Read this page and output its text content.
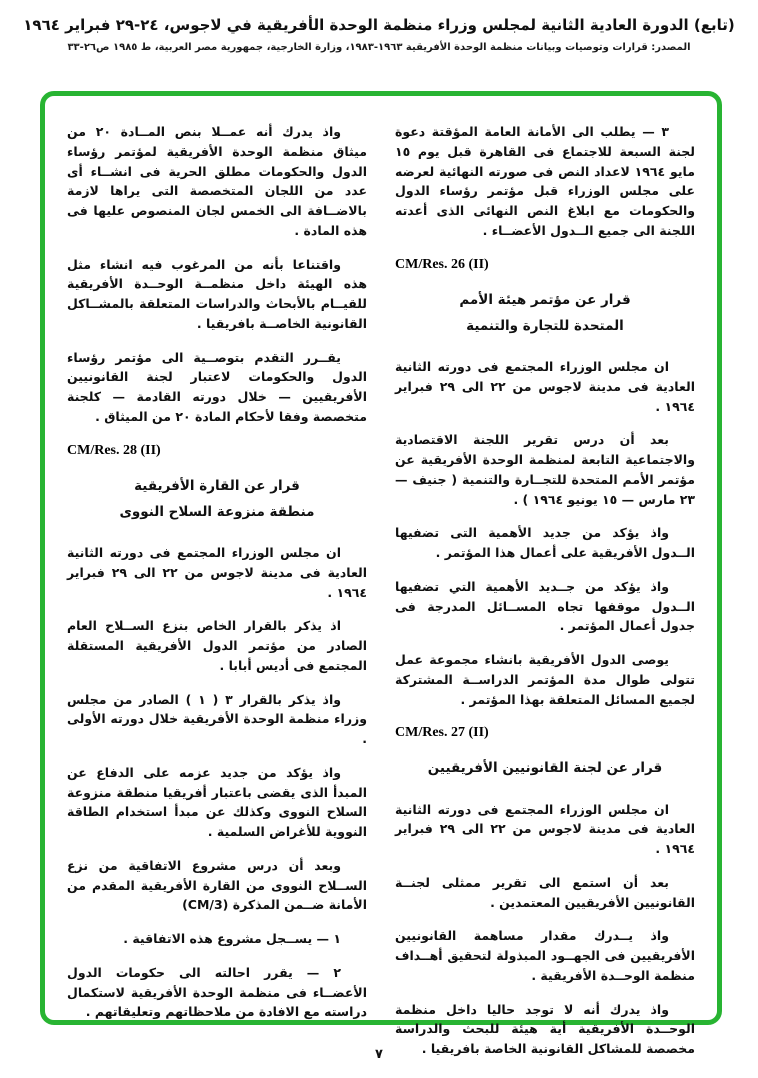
(تابع) الدورة العادية الثانية لمجلس وزراء منظمة الوحدة الأفريقية في لاجوس، ٢٤-٢٩ فبراير ١٩٦٤
المصدر: قرارات وتوصيات وبيانات منظمة الوحدة الأفريقية ١٩٦٣-١٩٨٣، وزارة الخارجية، جمهورية مصر العربية، ط ١٩٨٥ ص٢٦-٣٣

٣ — يطلب الى الأمانة العامة المؤقتة دعوة لجنة السبعة للاجتماع فى القاهرة قبل يوم ١٥ مايو ١٩٦٤ لاعداد النص فى صورته النهائية لعرضه على مجلس الوزراء قبل مؤتمر رؤساء الدول والحكومات مع ابلاغ النص النهائى الذى أعدته اللجنة الى جميع الــدول الأعضــاء .

CM/Res. 26 (II)
قرار عن مؤتمر هيئة الأمم
المتحدة للتجارة والتنمية

ان مجلس الوزراء المجتمع فى دورته الثانية العادية فى مدينة لاجوس من ٢٢ الى ٢٩ فبراير ١٩٦٤ .

بعد أن درس تقرير اللجنة الاقتصادية والاجتماعية التابعة لمنظمة الوحدة الأفريقية عن مؤتمر الأمم المتحدة للتجــارة والتنمية ( جنيف — ٢٣ مارس — ١٥ يونيو ١٩٦٤ ) .

واذ يؤكد من جديد الأهمية التى تضفيها الــدول الأفريقية على أعمال هذا المؤتمر .

واذ يؤكد من جــديد الأهمية التي تضفيها الــدول موقفها تجاه المســائل المدرجة فى جدول أعمال المؤتمر .

يوصى الدول الأفريقية بانشاء مجموعة عمل تتولى طوال مدة المؤتمر الدراســة المشتركة لجميع المسائل المتعلقة بهذا المؤتمر .

CM/Res. 27 (II)
قرار عن لجنة القانونيين الأفريقيين

ان مجلس الوزراء المجتمع فى دورته الثانية العادية فى مدينة لاجوس من ٢٢ الى ٢٩ فبراير ١٩٦٤ .

بعد أن استمع الى تقرير ممثلى لجنــة القانونيين الأفريقيين المعتمدين .

واذ يــدرك مقدار مساهمة القانونيين الأفريقيين فى الجهــود المبذولة لتحقيق أهــداف منظمة الوحــدة الأفريقية .

واذ يدرك أنه لا توجد حاليا داخل منظمة الوحــدة الأفريقية أية هيئة للبحث والدراسة مخصصة للمشاكل القانونية الخاصة بافريقيا .

واذ يدرك أنه عمــلا بنص المــادة ٢٠ من ميثاق منظمة الوحدة الأفريقية لمؤتمر رؤساء الدول والحكومات مطلق الحرية فى انشــاء أى عدد من اللجان المتخصصة التى يراها لازمة بالاضــافة الى الخمس لجان المنصوص عليها فى هذه المادة .

واقتناعا بأنه من المرغوب فيه انشاء مثل هذه الهيئة داخل منظمــة الوحــدة الأفريقية للقيــام بالأبحاث والدراسات المتعلقة بالمشــاكل القانونية الخاصــة بافريقيا .

يقــرر التقدم بتوصــية الى مؤتمر رؤساء الدول والحكومات لاعتبار لجنة القانونيين الأفريقيين — خلال دورته القادمة — كلجنة متخصصة وفقا لأحكام المادة ٢٠ من الميثاق .

CM/Res. 28 (II)
قرار عن القارة الأفريقية
منطقة منزوعة السلاح النووى

ان مجلس الوزراء المجتمع فى دورته الثانية العادية فى مدينة لاجوس من ٢٢ الى ٢٩ فبراير ١٩٦٤ .

اذ يذكر بالقرار الخاص بنزع الســلاح العام الصادر من مؤتمر الدول الأفريقية المستقلة المجتمع فى أديس أبابا .

واذ يذكر بالقرار ٣ ( ١ ) الصادر من مجلس وزراء منظمة الوحدة الأفريقية خلال دورته الأولى .

واذ يؤكد من جديد عزمه على الدفاع عن المبدأ الذى يقضى باعتبار أفريقيا منطقة منزوعة السلاح النووى وكذلك عن مبدأ استخدام الطاقة النووية للأغراض السلمية .

وبعد أن درس مشروع الاتفاقية من نزع الســلاح النووى من القارة الأفريقية المقدم من الأمانة ضــمن المذكرة (CM/3)

١ — يســجل مشروع هذه الاتفاقية .

٢ — يقرر احالته الى حكومات الدول الأعضــاء فى منظمة الوحدة الأفريقية لاستكمال دراسته مع الافادة من ملاحظاتهم وتعليقاتهم .

٧
